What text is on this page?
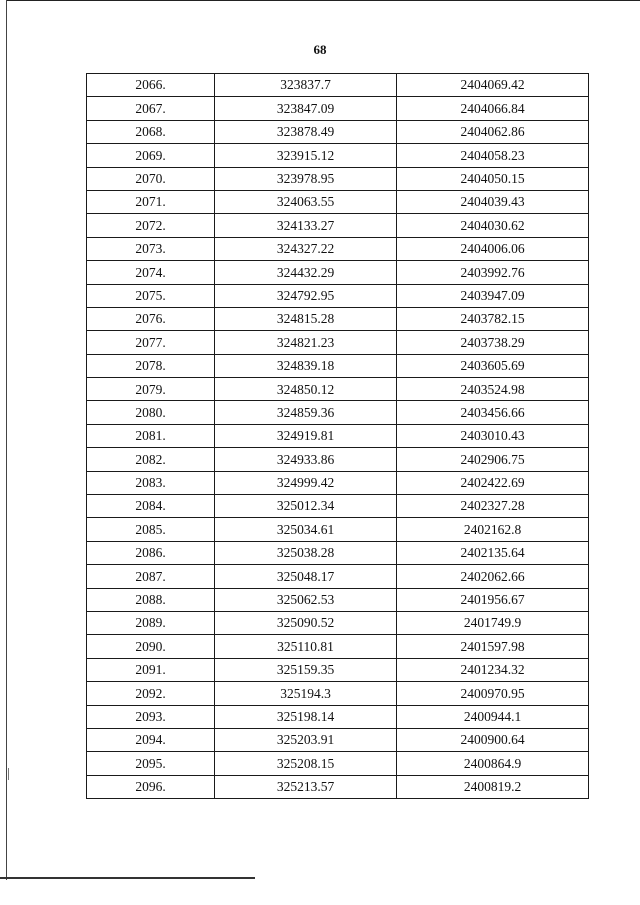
68
2066.	323837.7	2404069.42
2067.	323847.09	2404066.84
2068.	323878.49	2404062.86
2069.	323915.12	2404058.23
2070.	323978.95	2404050.15
2071.	324063.55	2404039.43
2072.	324133.27	2404030.62
2073.	324327.22	2404006.06
2074.	324432.29	2403992.76
2075.	324792.95	2403947.09
2076.	324815.28	2403782.15
2077.	324821.23	2403738.29
2078.	324839.18	2403605.69
2079.	324850.12	2403524.98
2080.	324859.36	2403456.66
2081.	324919.81	2403010.43
2082.	324933.86	2402906.75
2083.	324999.42	2402422.69
2084.	325012.34	2402327.28
2085.	325034.61	2402162.8
2086.	325038.28	2402135.64
2087.	325048.17	2402062.66
2088.	325062.53	2401956.67
2089.	325090.52	2401749.9
2090.	325110.81	2401597.98
2091.	325159.35	2401234.32
2092.	325194.3	2400970.95
2093.	325198.14	2400944.1
2094.	325203.91	2400900.64
2095.	325208.15	2400864.9
2096.	325213.57	2400819.2
